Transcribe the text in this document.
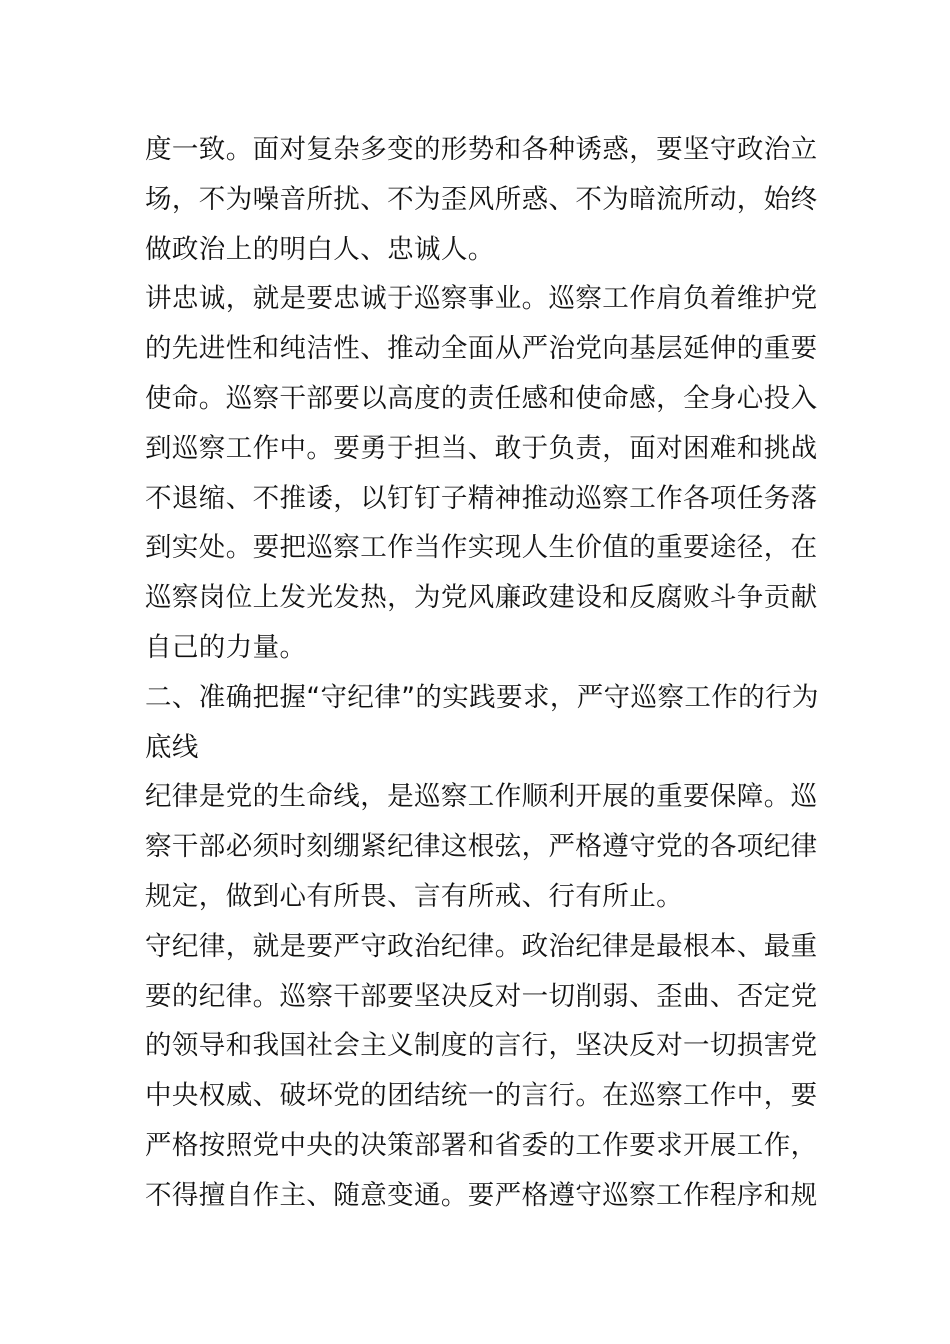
度一致。面对复杂多变的形势和各种诱惑，要坚守政治立
场，不为噪音所扰、不为歪风所惑、不为暗流所动，始终
做政治上的明白人、忠诚人。
讲忠诚，就是要忠诚于巡察事业。巡察工作肩负着维护党
的先进性和纯洁性、推动全面从严治党向基层延伸的重要
使命。巡察干部要以高度的责任感和使命感，全身心投入
到巡察工作中。要勇于担当、敢于负责，面对困难和挑战
不退缩、不推诿，以钉钉子精神推动巡察工作各项任务落
到实处。要把巡察工作当作实现人生价值的重要途径，在
巡察岗位上发光发热，为党风廉政建设和反腐败斗争贡献
自己的力量。
二、准确把握“守纪律”的实践要求，严守巡察工作的行为
底线
纪律是党的生命线，是巡察工作顺利开展的重要保障。巡
察干部必须时刻绷紧纪律这根弦，严格遵守党的各项纪律
规定，做到心有所畏、言有所戒、行有所止。
守纪律，就是要严守政治纪律。政治纪律是最根本、最重
要的纪律。巡察干部要坚决反对一切削弱、歪曲、否定党
的领导和我国社会主义制度的言行，坚决反对一切损害党
中央权威、破坏党的团结统一的言行。在巡察工作中，要
严格按照党中央的决策部署和省委的工作要求开展工作，
不得擅自作主、随意变通。要严格遵守巡察工作程序和规
